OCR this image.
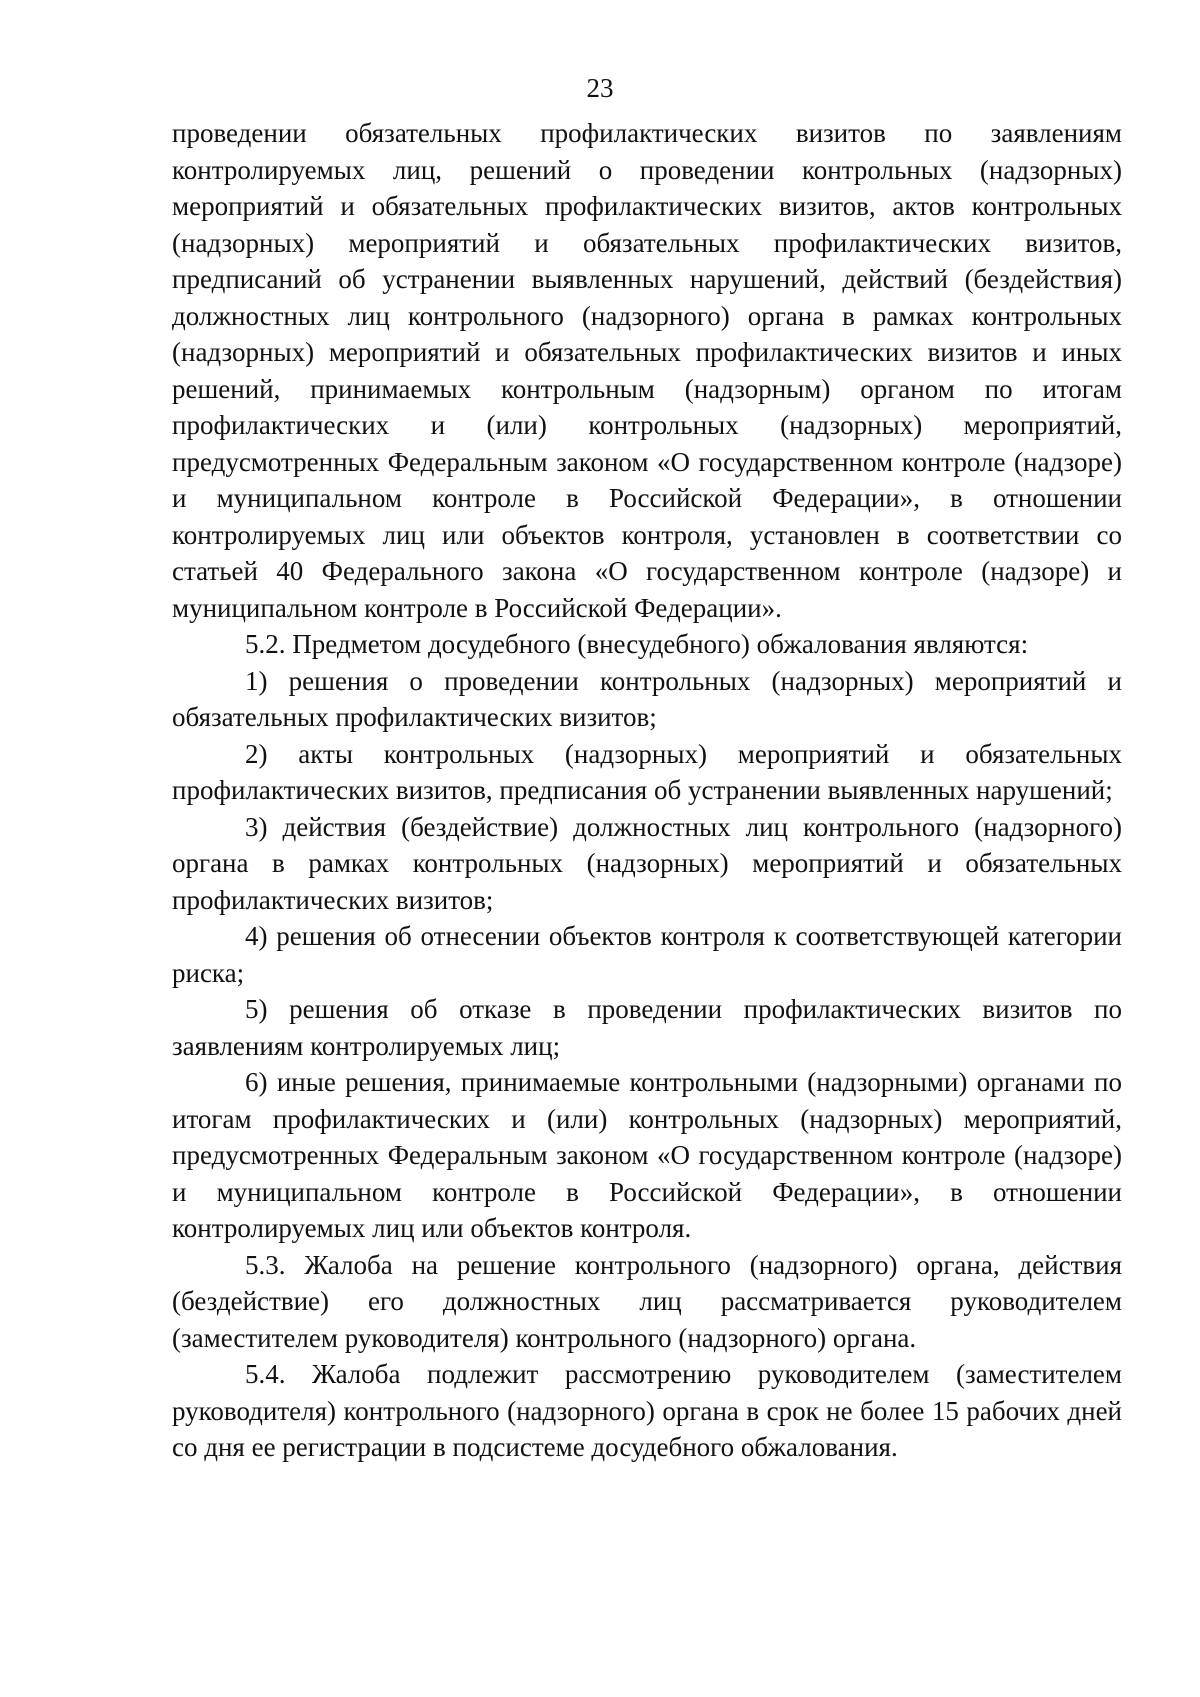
23

проведении обязательных профилактических визитов по заявлениям контролируемых лиц, решений о проведении контрольных (надзорных) мероприятий и обязательных профилактических визитов, актов контрольных (надзорных) мероприятий и обязательных профилактических визитов, предписаний об устранении выявленных нарушений, действий (бездействия) должностных лиц контрольного (надзорного) органа в рамках контрольных (надзорных) мероприятий и обязательных профилактических визитов и иных решений, принимаемых контрольным (надзорным) органом по итогам профилактических и (или) контрольных (надзорных) мероприятий, предусмотренных Федеральным законом «О государственном контроле (надзоре) и муниципальном контроле в Российской Федерации», в отношении контролируемых лиц или объектов контроля, установлен в соответствии со статьей 40 Федерального закона «О государственном контроле (надзоре) и муниципальном контроле в Российской Федерации».

5.2. Предметом досудебного (внесудебного) обжалования являются:

1) решения о проведении контрольных (надзорных) мероприятий и обязательных профилактических визитов;

2) акты контрольных (надзорных) мероприятий и обязательных профилактических визитов, предписания об устранении выявленных нарушений;

3) действия (бездействие) должностных лиц контрольного (надзорного) органа в рамках контрольных (надзорных) мероприятий и обязательных профилактических визитов;

4) решения об отнесении объектов контроля к соответствующей категории риска;

5) решения об отказе в проведении профилактических визитов по заявлениям контролируемых лиц;

6) иные решения, принимаемые контрольными (надзорными) органами по итогам профилактических и (или) контрольных (надзорных) мероприятий, предусмотренных Федеральным законом «О государственном контроле (надзоре) и муниципальном контроле в Российской Федерации», в отношении контролируемых лиц или объектов контроля.

5.3. Жалоба на решение контрольного (надзорного) органа, действия (бездействие) его должностных лиц рассматривается руководителем (заместителем руководителя) контрольного (надзорного) органа.

5.4. Жалоба подлежит рассмотрению руководителем (заместителем руководителя) контрольного (надзорного) органа в срок не более 15 рабочих дней со дня ее регистрации в подсистеме досудебного обжалования.
